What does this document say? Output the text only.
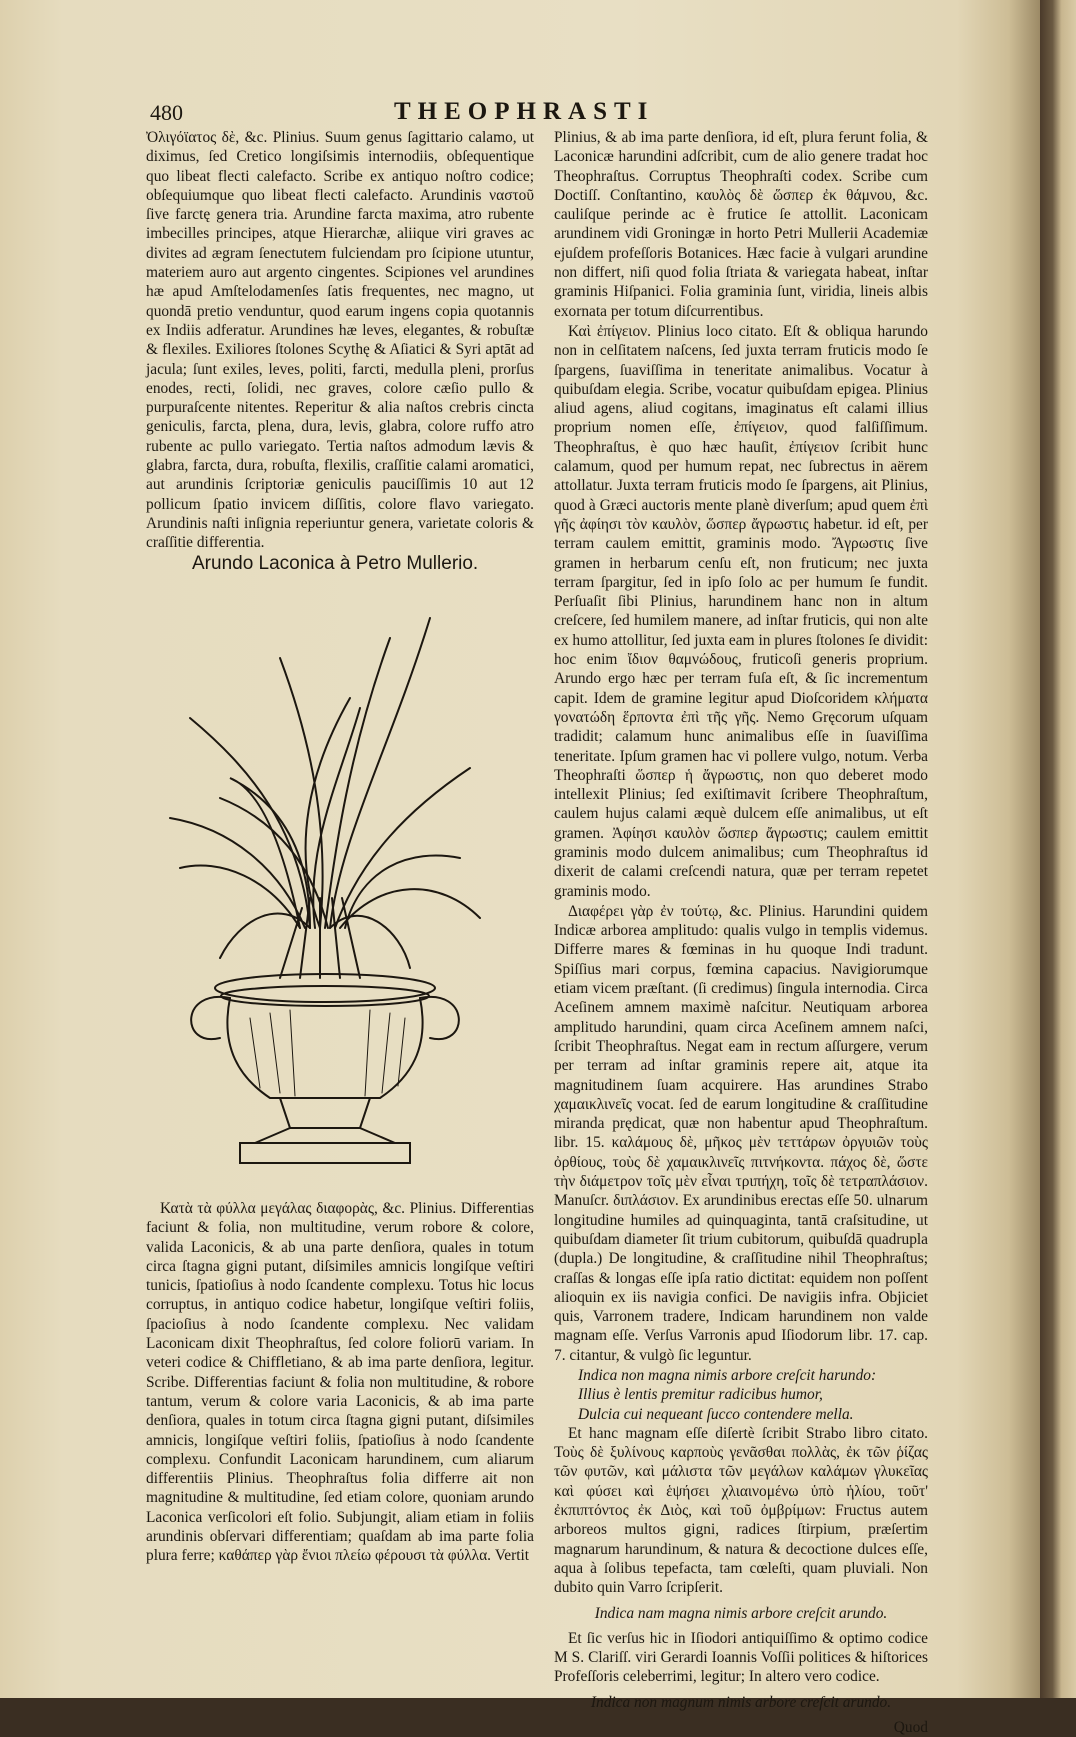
480	THEOPHRASTI

Ὀλιγόϊατος δὲ, &c. Plinius. Suum genus ſagittario calamo, ut diximus, ſed Cretico longiſsimis internodiis, obſequentique quo libeat flecti calefacto. Scribe ex antiquo noſtro codice; obſequiumque quo libeat flecti calefacto. Arundinis ναστοῦ ſive farctę genera tria. Arundine farcta maxima, atro rubente imbecilles principes, atque Hierarchæ, aliique viri graves ac divites ad ægram ſenectutem fulciendam pro ſcipione utuntur, materiem auro aut argento cingentes. Scipiones vel arundines hæ apud Amſtelodamenſes ſatis frequentes, nec magno, ut quondā pretio venduntur, quod earum ingens copia quotannis ex Indiis adferatur. Arundines hæ leves, elegantes, & robuſtæ & flexiles. Exiliores ſtolones Scythę & Aſiatici & Syri aptāt ad jacula; ſunt exiles, leves, politi, farcti, medulla pleni, prorſus enodes, recti, ſolidi, nec graves, colore cæſio pullo & purpuraſcente nitentes. Reperitur & alia naſtos crebris cincta geniculis, farcta, plena, dura, levis, glabra, colore ruffo atro rubente ac pullo variegato. Tertia naſtos admodum lævis & glabra, farcta, dura, robuſta, flexilis, craſſitie calami aromatici, aut arundinis ſcriptoriæ geniculis pauciſſimis 10 aut 12 pollicum ſpatio invicem diſſitis, colore flavo variegato. Arundinis naſti inſignia reperiuntur genera, varietate coloris & craſſitie differentia.

Arundo Laconica à Petro Mullerio.

Κατὰ τὰ φύλλα μεγάλας διαφορὰς, &c. Plinius. Differentias faciunt & folia, non multitudine, verum robore & colore, valida Laconicis, & ab una parte denſiora, quales in totum circa ſtagna gigni putant, diſsimiles amnicis longiſque veſtiri tunicis, ſpatioſius à nodo ſcandente complexu. Totus hic locus corruptus, in antiquo codice habetur, longiſque veſtiri foliis, ſpacioſius à nodo ſcandente complexu. Nec validam Laconicam dixit Theophraſtus, ſed colore foliorū variam. In veteri codice & Chiffletiano, & ab ima parte denſiora, legitur. Scribe. Differentias faciunt & folia non multitudine, & robore tantum, verum & colore varia Laconicis, & ab ima parte denſiora, quales in totum circa ſtagna gigni putant, diſsimiles amnicis, longiſque veſtiri foliis, ſpatioſius à nodo ſcandente complexu. Confundit Laconicam harundinem, cum aliarum differentiis Plinius. Theophraſtus folia differre ait non magnitudine & multitudine, ſed etiam colore, quoniam arundo Laconica verſicolori eſt folio. Subjungit, aliam etiam in foliis arundinis obſervari differentiam; quaſdam ab ima parte folia plura ferre; καθάπερ γὰρ ἔνιοι πλείω φέρουσι τὰ φύλλα. Vertit

Plinius, & ab ima parte denſiora, id eſt, plura ferunt folia, & Laconicæ harundini adſcribit, cum de alio genere tradat hoc Theophraſtus. Corruptus Theophraſti codex. Scribe cum Doctiſſ. Conſtantino, καυλὸς δὲ ὥσπερ ἐκ θάμνου, &c. cauliſque perinde ac è frutice ſe attollit. Laconicam arundinem vidi Groningæ in horto Petri Mullerii Academiæ ejuſdem profeſſoris Botanices. Hæc facie à vulgari arundine non differt, niſi quod folia ſtriata & variegata habeat, inſtar graminis Hiſpanici. Folia graminia ſunt, viridia, lineis albis exornata per totum diſcurrentibus.

Καὶ ἐπίγειον. Plinius loco citato. Eſt & obliqua harundo non in celſitatem naſcens, ſed juxta terram fruticis modo ſe ſpargens, ſuaviſſima in teneritate animalibus. Vocatur à quibuſdam elegia. Scribe, vocatur quibuſdam epigea. Plinius aliud agens, aliud cogitans, imaginatus eſt calami illius proprium nomen eſſe, ἐπίγειον, quod falſiſſimum. Theophraſtus, è quo hæc hauſit, ἐπίγειον ſcribit hunc calamum, quod per humum repat, nec ſubrectus in aërem attollatur. Juxta terram fruticis modo ſe ſpargens, ait Plinius, quod à Græci auctoris mente planè diverſum; apud quem ἐπὶ γῆς ἀφίησι τὸν καυλὸν, ὥσπερ ἄγρωστις habetur. id eſt, per terram caulem emittit, graminis modo. Ἄγρωστις ſive gramen in herbarum cenſu eſt, non fruticum; nec juxta terram ſpargitur, ſed in ipſo ſolo ac per humum ſe fundit. Perſuaſit ſibi Plinius, harundinem hanc non in altum creſcere, ſed humilem manere, ad inſtar fruticis, qui non alte ex humo attollitur, ſed juxta eam in plures ſtolones ſe dividit: hoc enim ἴδιον θαμνώδους, fruticoſi generis proprium. Arundo ergo hæc per terram fuſa eſt, & ſic incrementum capit. Idem de gramine legitur apud Dioſcoridem κλήματα γονατώδη ἕρποντα ἐπὶ τῆς γῆς. Nemo Gręcorum uſquam tradidit; calamum hunc animalibus eſſe in ſuaviſſima teneritate. Ipſum gramen hac vi pollere vulgo, notum. Verba Theophraſti ὥσπερ ἡ ἄγρωστις, non quo deberet modo intellexit Plinius; ſed exiſtimavit ſcribere Theophraſtum, caulem hujus calami æquè dulcem eſſe animalibus, ut eſt gramen. Ἀφίησι καυλὸν ὥσπερ ἄγρωστις; caulem emittit graminis modo dulcem animalibus; cum Theophraſtus id dixerit de calami creſcendi natura, quæ per terram repetet graminis modo.

Διαφέρει γὰρ ἐν τούτῳ, &c. Plinius. Harundini quidem Indicæ arborea amplitudo: qualis vulgo in templis videmus. Differre mares & fœminas in hu quoque Indi tradunt. Spiſſius mari corpus, fœmina capacius. Navigiorumque etiam vicem præſtant. (ſi credimus) ſingula internodia. Circa Aceſinem amnem maximè naſcitur. Neutiquam arborea amplitudo harundini, quam circa Aceſinem amnem naſci, ſcribit Theophraſtus. Negat eam in rectum aſſurgere, verum per terram ad inſtar graminis repere ait, atque ita magnitudinem ſuam acquirere. Has arundines Strabo χαμαικλινεῖς vocat. ſed de earum longitudine & craſſitudine miranda prędicat, quæ non habentur apud Theophraſtum. libr. 15. καλάμους δὲ, μῆκος μὲν τεττάρων ὀργυιῶν τοὺς ὀρθίους, τοὺς δὲ χαμαικλινεῖς πιτνήκοντα. πάχος δὲ, ὥστε τὴν διάμετρον τοῖς μὲν εἶναι τριπήχη, τοῖς δὲ τετραπλάσιον. Manuſcr. διπλάσιον. Ex arundinibus erectas eſſe 50. ulnarum longitudine humiles ad quinquaginta, tantā craſsitudine, ut quibuſdam diameter ſit trium cubitorum, quibuſdā quadrupla (dupla.) De longitudine, & craſſitudine nihil Theophraſtus; craſſas & longas eſſe ipſa ratio dictitat: equidem non poſſent alioquin ex iis navigia confici. De navigiis infra. Objiciet quis, Varronem tradere, Indicam harundinem non valde magnam eſſe. Verſus Varronis apud Iſiodorum libr. 17. cap. 7. citantur, & vulgò ſic leguntur.

Indica non magna nimis arbore creſcit harundo:

Illius è lentis premitur radicibus humor,

Dulcia cui nequeant ſucco contendere mella.

Et hanc magnam eſſe diſertè ſcribit Strabo libro citato. Τοὺς δὲ ξυλίνους καρποὺς γενᾶσθαι πολλὰς, ἐκ τῶν ῥίζας τῶν φυτῶν, καὶ μάλιστα τῶν μεγάλων καλάμων γλυκεῖας καὶ φύσει καὶ ἑψήσει χλιαινομένω ὑπὸ ἡλίου, τοῦτ' ἐκπιπτόντος ἐκ Διὸς, καὶ τοῦ ὀμβρίμων: Fructus autem arboreos multos gigni, radices ſtirpium, præſertim magnarum harundinum, & natura & decoctione dulces eſſe, aqua à ſolibus tepefacta, tam cœleſti, quam pluviali. Non dubito quin Varro ſcripſerit.

Indica nam magna nimis arbore creſcit arundo.

Et ſic verſus hic in Iſiodori antiquiſſimo & optimo codice M S. Clariſſ. viri Gerardi Ioannis Voſſii politices & hiſtorices Profeſſoris celeberrimi, legitur; In altero vero codice.

Indica non magnum nimis arbore creſcit arundo.

Quod
